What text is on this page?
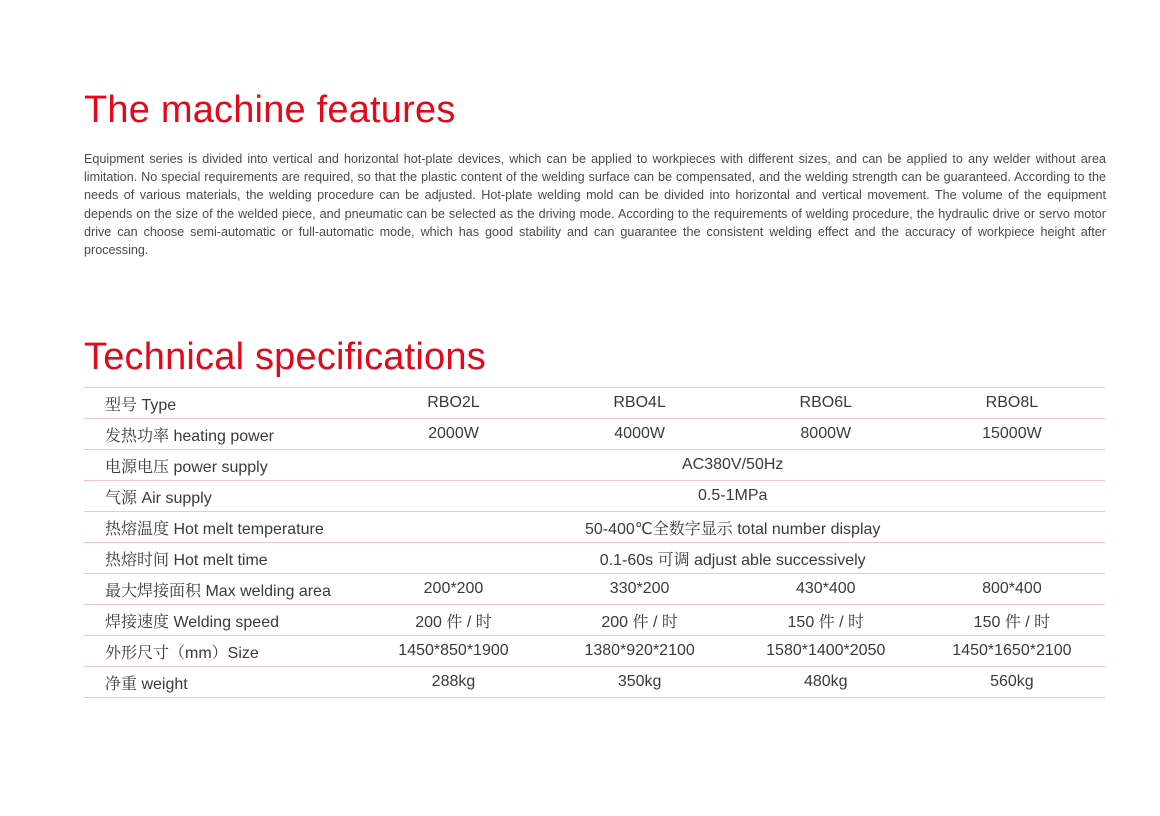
The machine features

Equipment series is divided into vertical and horizontal hot-plate devices, which can be applied to workpieces with different sizes, and can be applied to any welder without area limitation. No special requirements are required, so that the plastic content of the welding surface can be compensated, and the welding strength can be guaranteed. According to the needs of various materials, the welding procedure can be adjusted. Hot-plate welding mold can be divided into horizontal and vertical movement. The volume of the equipment depends on the size of the welded piece, and pneumatic can be selected as the driving mode. According to the requirements of welding procedure, the hydraulic drive or servo motor drive can choose semi-automatic or full-automatic mode, which has good stability and can guarantee the consistent welding effect and the accuracy of workpiece height after processing.

Technical specifications
型号 Type	RBO2L	RBO4L	RBO6L	RBO8L
发热功率 heating power	2000W	4000W	8000W	15000W
电源电压 power supply	AC380V/50Hz			
气源 Air supply	0.5-1MPa			
热熔温度 Hot melt temperature	50-400℃全数字显示 total number display			
热熔时间 Hot melt time	0.1-60s 可调 adjust able successively			
最大焊接面积 Max welding area	200*200	330*200	430*400	800*400
焊接速度 Welding speed	200 件 / 时	200 件 / 时	150 件 / 时	150 件 / 时
外形尺寸（mm）Size	1450*850*1900	1380*920*2100	1580*1400*2050	1450*1650*2100
净重 weight	288kg	350kg	480kg	560kg
